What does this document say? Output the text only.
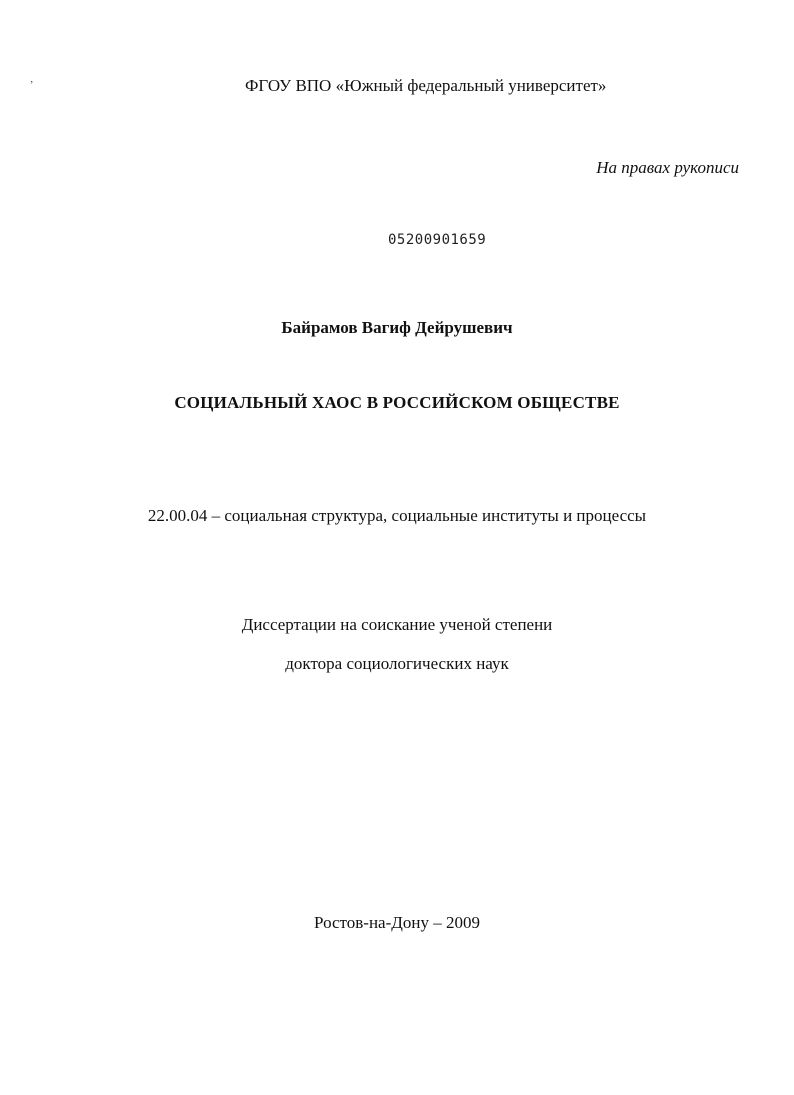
’	ФГОУ ВПО «Южный федеральный университет»
На правах рукописи
05200901659
Байрамов Вагиф Дейрушевич
СОЦИАЛЬНЫЙ ХАОС В РОССИЙСКОМ ОБЩЕСТВЕ
22.00.04 – социальная структура, социальные институты и процессы
Диссертации на соискание ученой степени
доктора социологических наук
Ростов-на-Дону – 2009
